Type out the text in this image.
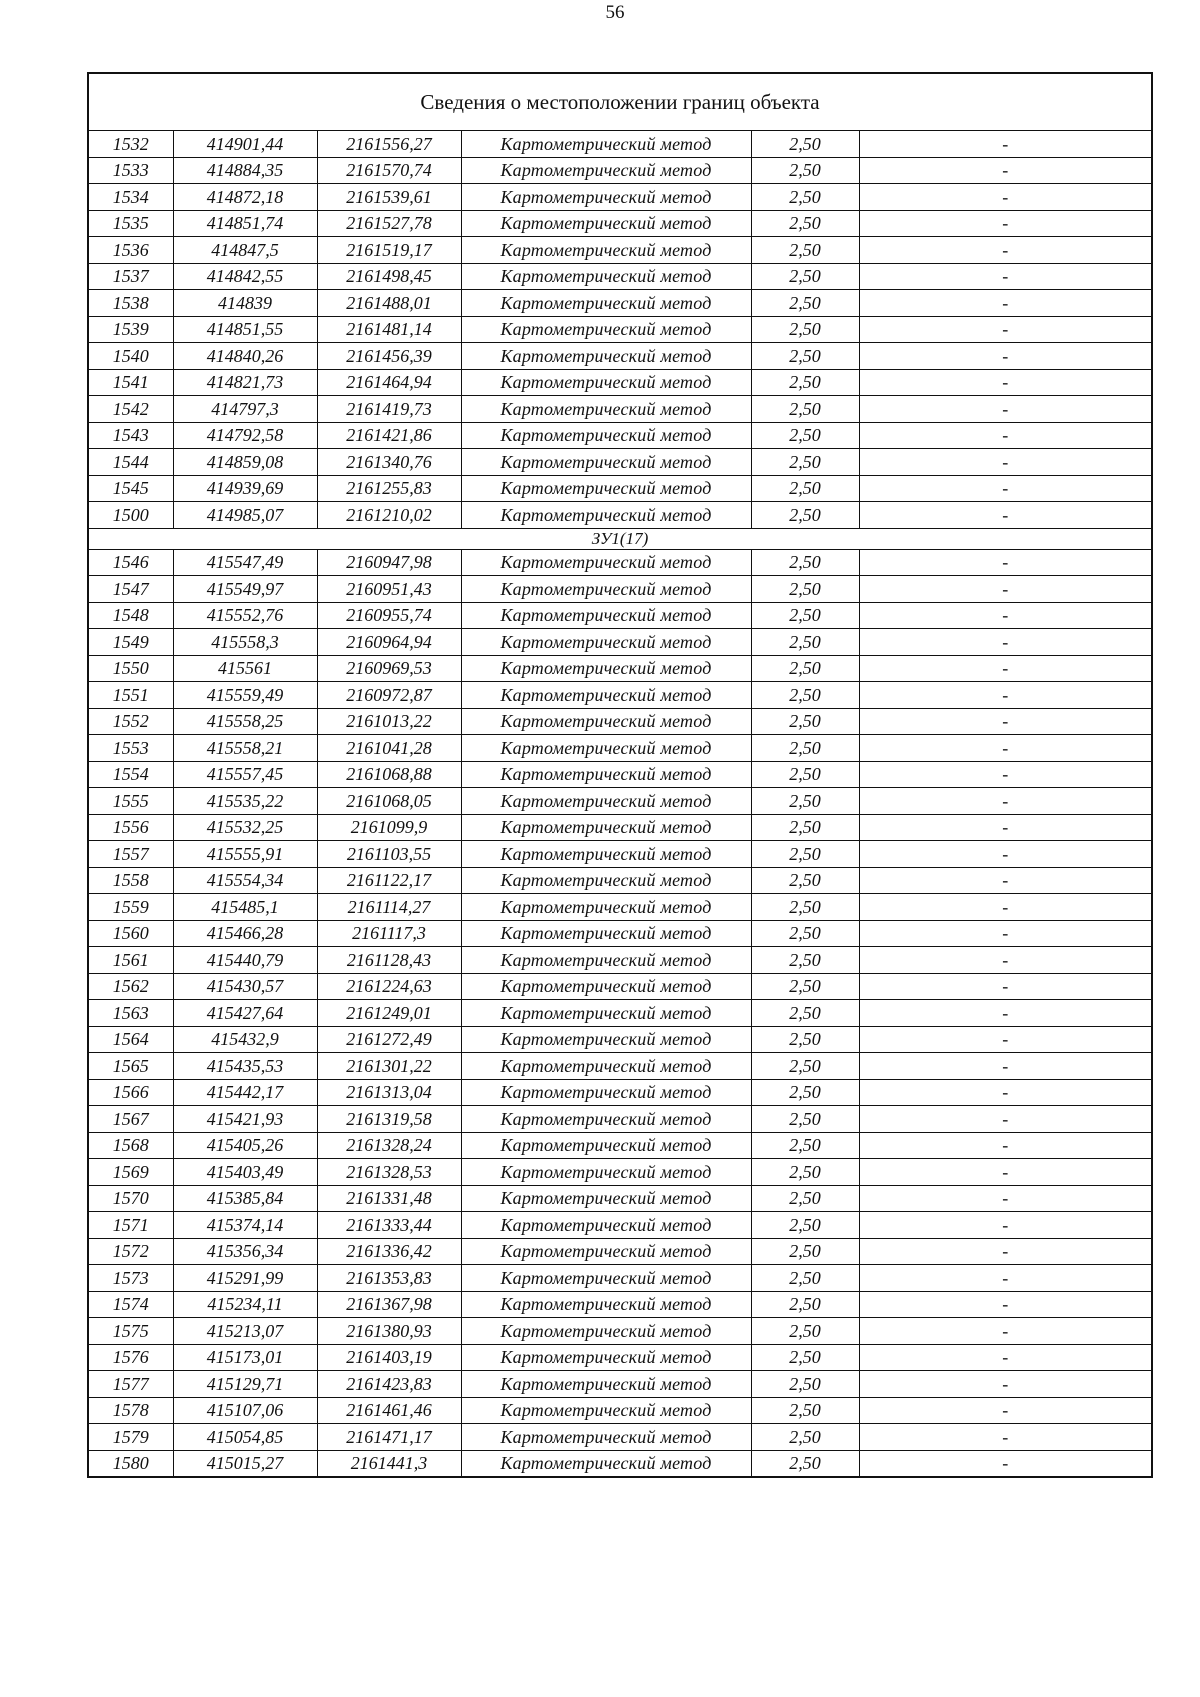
56
Сведения о местоположении границ объекта					
1532	414901,44	2161556,27	Картометрический метод	2,50	-
1533	414884,35	2161570,74	Картометрический метод	2,50	-
1534	414872,18	2161539,61	Картометрический метод	2,50	-
1535	414851,74	2161527,78	Картометрический метод	2,50	-
1536	414847,5	2161519,17	Картометрический метод	2,50	-
1537	414842,55	2161498,45	Картометрический метод	2,50	-
1538	414839	2161488,01	Картометрический метод	2,50	-
1539	414851,55	2161481,14	Картометрический метод	2,50	-
1540	414840,26	2161456,39	Картометрический метод	2,50	-
1541	414821,73	2161464,94	Картометрический метод	2,50	-
1542	414797,3	2161419,73	Картометрический метод	2,50	-
1543	414792,58	2161421,86	Картометрический метод	2,50	-
1544	414859,08	2161340,76	Картометрический метод	2,50	-
1545	414939,69	2161255,83	Картометрический метод	2,50	-
1500	414985,07	2161210,02	Картометрический метод	2,50	-
ЗУ1(17)					
1546	415547,49	2160947,98	Картометрический метод	2,50	-
1547	415549,97	2160951,43	Картометрический метод	2,50	-
1548	415552,76	2160955,74	Картометрический метод	2,50	-
1549	415558,3	2160964,94	Картометрический метод	2,50	-
1550	415561	2160969,53	Картометрический метод	2,50	-
1551	415559,49	2160972,87	Картометрический метод	2,50	-
1552	415558,25	2161013,22	Картометрический метод	2,50	-
1553	415558,21	2161041,28	Картометрический метод	2,50	-
1554	415557,45	2161068,88	Картометрический метод	2,50	-
1555	415535,22	2161068,05	Картометрический метод	2,50	-
1556	415532,25	2161099,9	Картометрический метод	2,50	-
1557	415555,91	2161103,55	Картометрический метод	2,50	-
1558	415554,34	2161122,17	Картометрический метод	2,50	-
1559	415485,1	2161114,27	Картометрический метод	2,50	-
1560	415466,28	2161117,3	Картометрический метод	2,50	-
1561	415440,79	2161128,43	Картометрический метод	2,50	-
1562	415430,57	2161224,63	Картометрический метод	2,50	-
1563	415427,64	2161249,01	Картометрический метод	2,50	-
1564	415432,9	2161272,49	Картометрический метод	2,50	-
1565	415435,53	2161301,22	Картометрический метод	2,50	-
1566	415442,17	2161313,04	Картометрический метод	2,50	-
1567	415421,93	2161319,58	Картометрический метод	2,50	-
1568	415405,26	2161328,24	Картометрический метод	2,50	-
1569	415403,49	2161328,53	Картометрический метод	2,50	-
1570	415385,84	2161331,48	Картометрический метод	2,50	-
1571	415374,14	2161333,44	Картометрический метод	2,50	-
1572	415356,34	2161336,42	Картометрический метод	2,50	-
1573	415291,99	2161353,83	Картометрический метод	2,50	-
1574	415234,11	2161367,98	Картометрический метод	2,50	-
1575	415213,07	2161380,93	Картометрический метод	2,50	-
1576	415173,01	2161403,19	Картометрический метод	2,50	-
1577	415129,71	2161423,83	Картометрический метод	2,50	-
1578	415107,06	2161461,46	Картометрический метод	2,50	-
1579	415054,85	2161471,17	Картометрический метод	2,50	-
1580	415015,27	2161441,3	Картометрический метод	2,50	-
